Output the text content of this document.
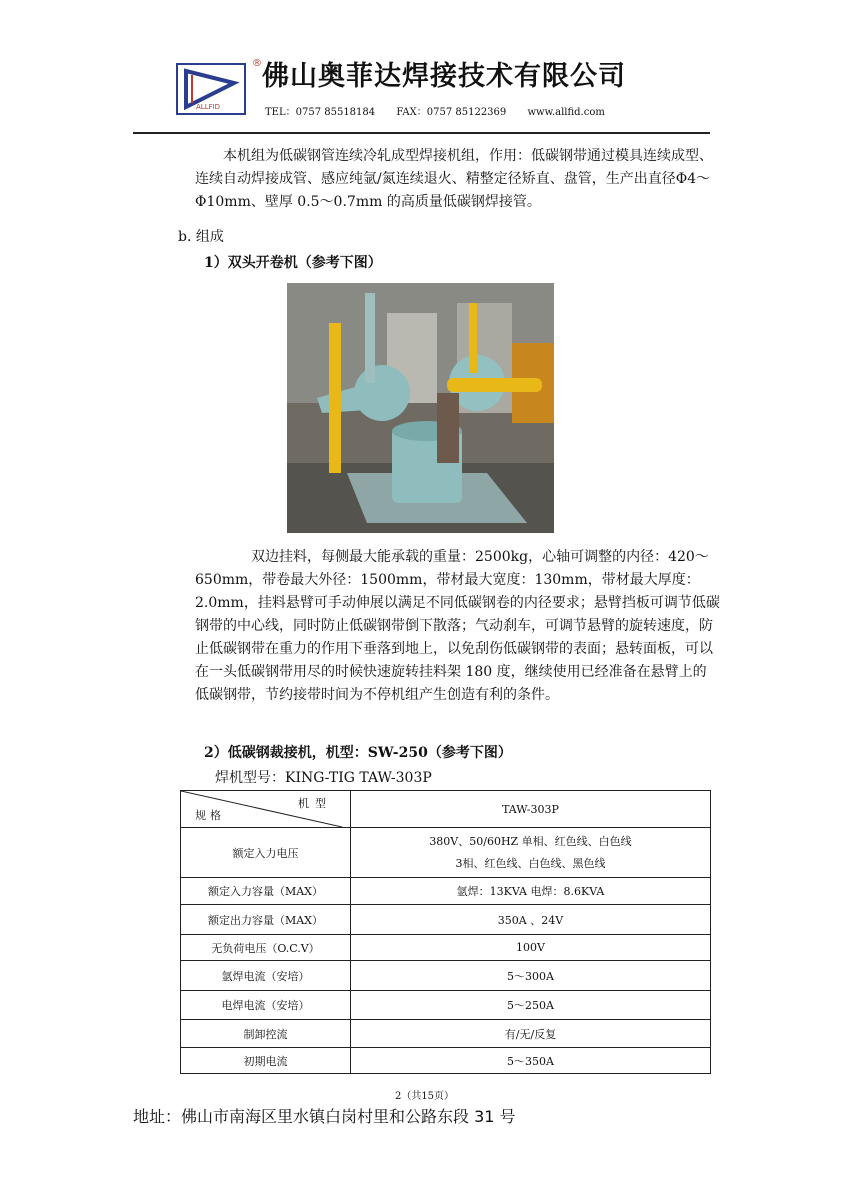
ALLFID
® 佛山奥菲达焊接技术有限公司
TEL：0757 85518184 FAX：0757 85122369 www.allfid.com
本机组为低碳钢管连续冷轧成型焊接机组，作用：低碳钢带通过模具连续成型、连续自动焊接成管、感应纯氩/氮连续退火、精整定径矫直、盘管，生产出直径Φ4～Φ10mm、壁厚 0.5～0.7mm 的高质量低碳钢焊接管。
b. 组成
1）双头开卷机（参考下图）
双边挂料，每侧最大能承载的重量：2500kg，心轴可调整的内径：420～650mm，带卷最大外径：1500mm，带材最大宽度：130mm，带材最大厚度：2.0mm，挂料悬臂可手动伸展以满足不同低碳钢卷的内径要求；悬臂挡板可调节低碳钢带的中心线，同时防止低碳钢带倒下散落；气动刹车，可调节悬臂的旋转速度，防止低碳钢带在重力的作用下垂落到地上，以免刮伤低碳钢带的表面；悬转面板，可以在一头低碳钢带用尽的时候快速旋转挂料架 180 度，继续使用已经准备在悬臂上的低碳钢带，节约接带时间为不停机组产生创造有利的条件。
2）低碳钢裁接机，机型：SW-250（参考下图）
焊机型号：KING-TIG TAW-303P
机型
规格	TAW-303P
额定入力电压	380V、50/60HZ 单相、红色线、白色线
3相、红色线、白色线、黑色线

额定入力容量（MAX）	氩焊：13KVA 电焊：8.6KVA
额定出力容量（MAX）	350A 、24V
无负荷电压（O.C.V）	100V
氩焊电流（安培）	5～300A
电焊电流（安培）	5～250A
制卸控流	有/无/反复
初期电流	5～350A
2（共15页）
地址：佛山市南海区里水镇白岗村里和公路东段 31 号
